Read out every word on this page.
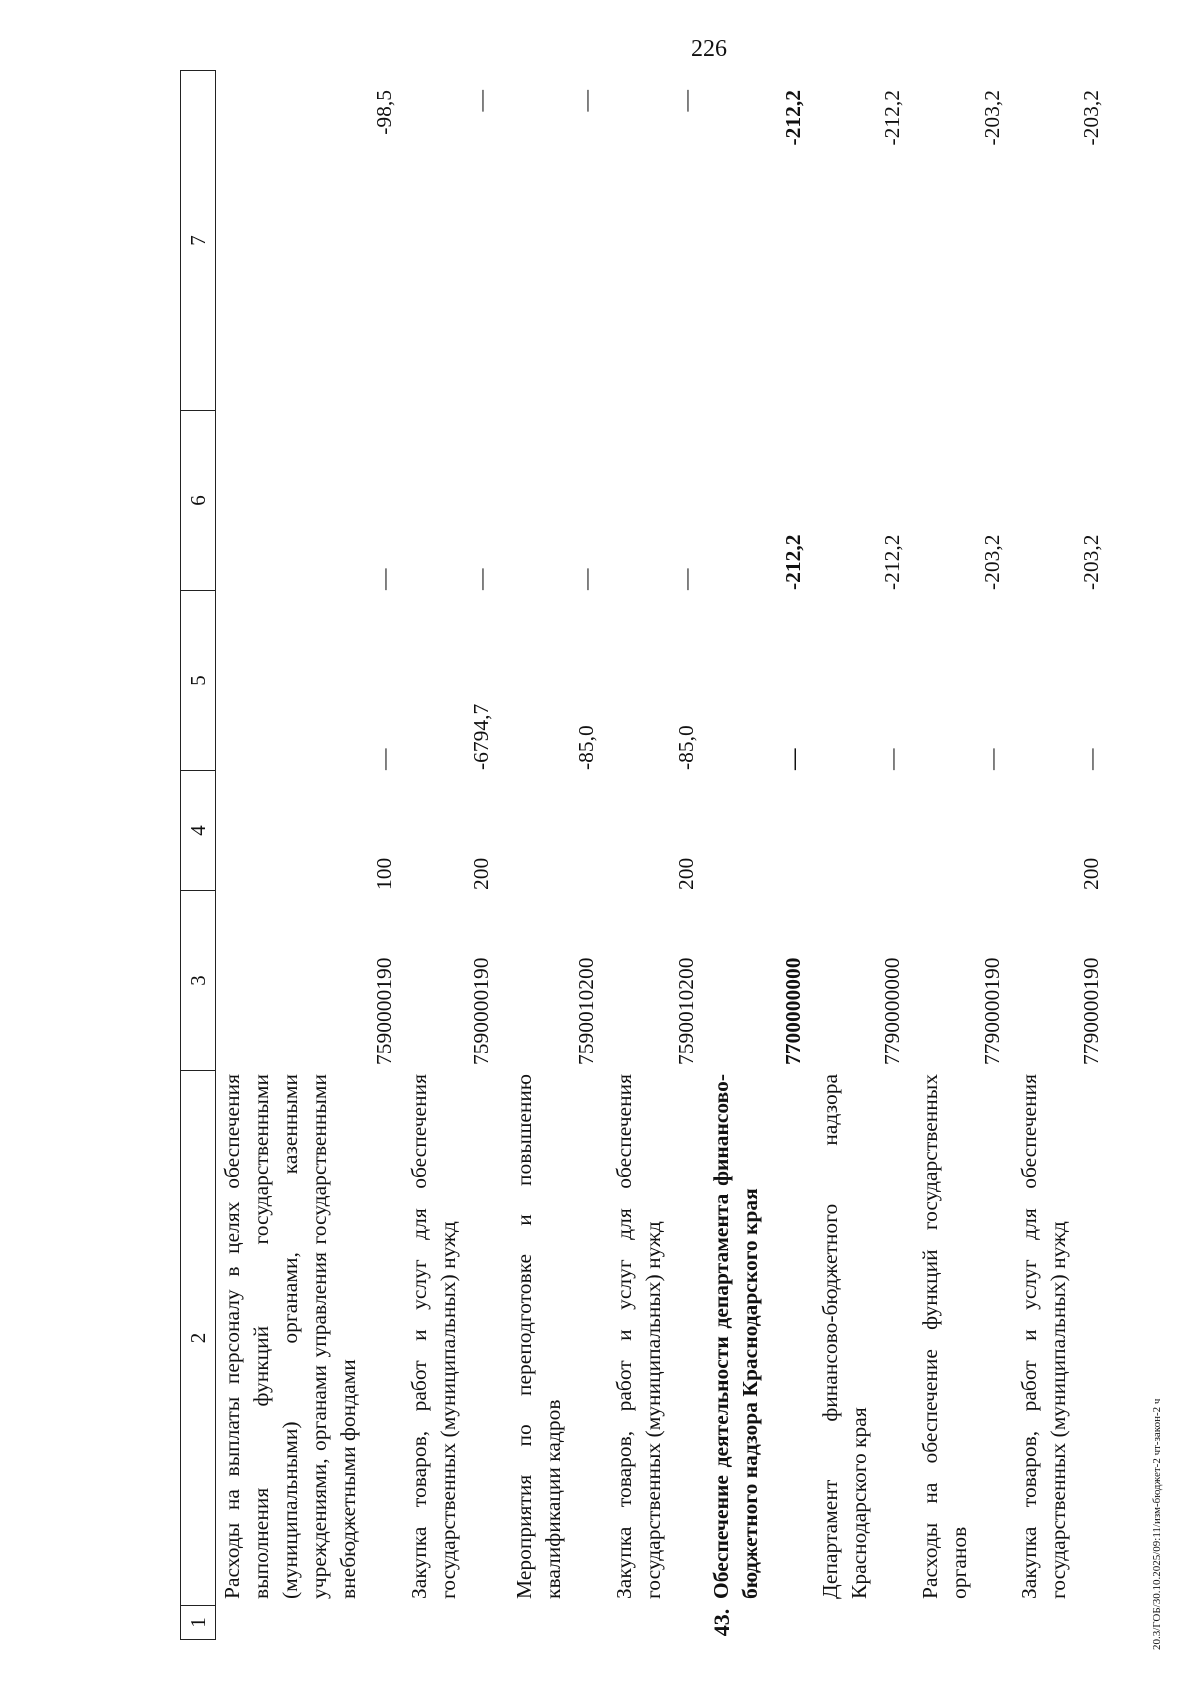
226
1
2
3
4
5
6
7
Расходы на выплаты персоналу в целях обеспечения выполнения функций государственными (муниципальными) органами, казенными учреждениями, органами управления государственными внебюджетными фондами
7590000190
100
—
—
-98,5
Закупка товаров, работ и услуг для обеспечения государственных (муниципальных) нужд
7590000190
200
-6794,7
—
—
Мероприятия по переподготовке и повышению квалификации кадров
7590010200
-85,0
—
—
Закупка товаров, работ и услуг для обеспечения государственных (муниципальных) нужд
7590010200
200
-85,0
—
—
43.
Обеспечение деятельности департамента финансово-бюджетного надзора Краснодарского края
7700000000
—
-212,2
-212,2
Департамент финансово-бюджетного надзора Краснодарского края
7790000000
—
-212,2
-212,2
Расходы на обеспечение функций государственных органов
7790000190
—
-203,2
-203,2
Закупка товаров, работ и услуг для обеспечения государственных (муниципальных) нужд
7790000190
200
—
-203,2
-203,2
20.3/ГОБ/30.10.2025/09:11/изм-бюджет-2 чт-закон-2 ч
